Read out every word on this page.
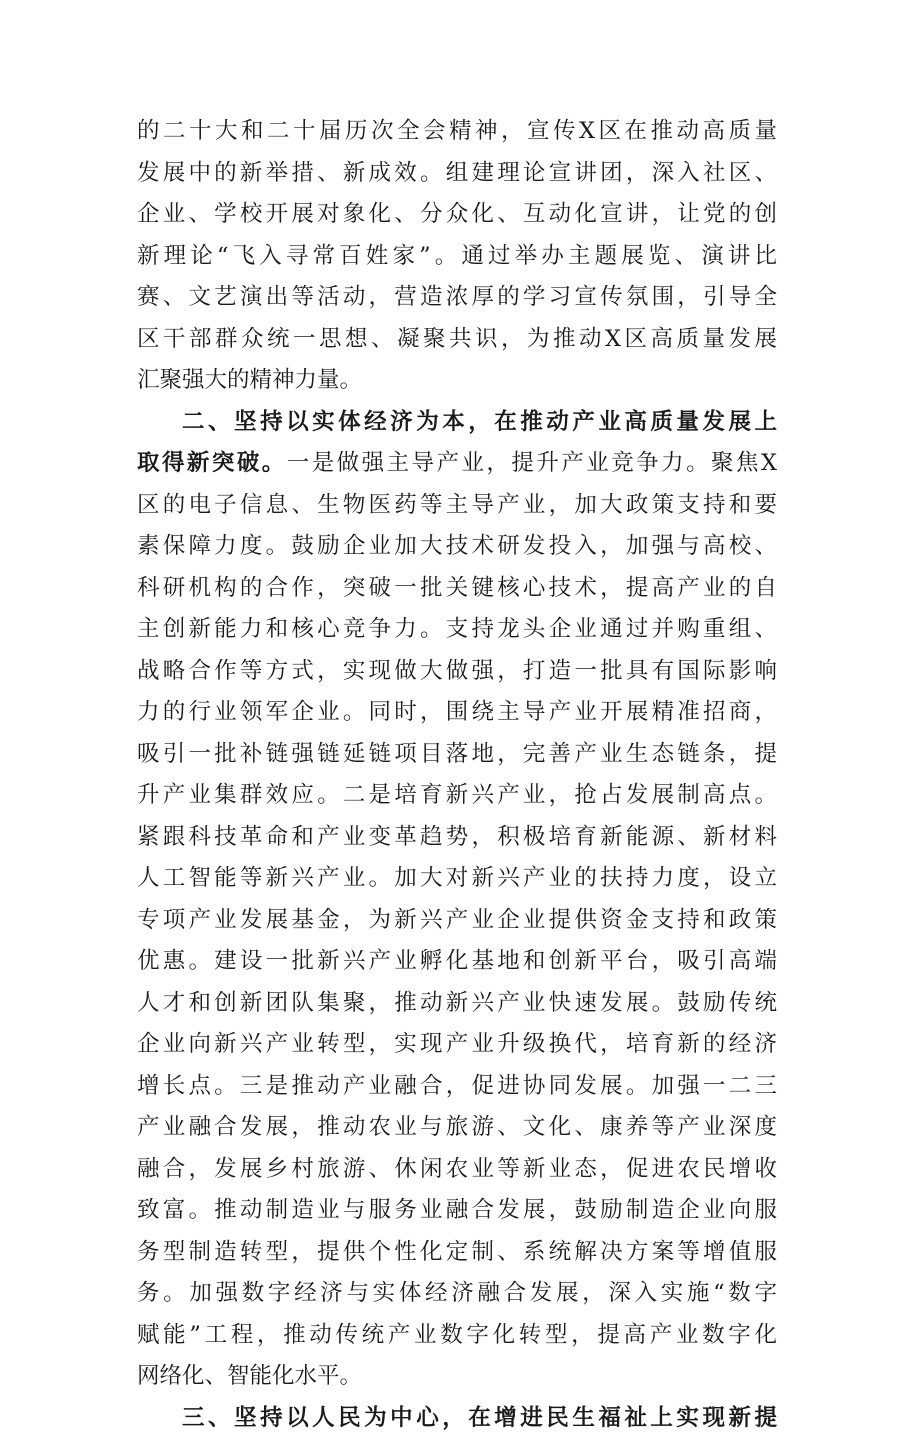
的二十大和二十届历次全会精神，宣传X区在推动高质量
发展中的新举措、新成效。组建理论宣讲团，深入社区、
企业、学校开展对象化、分众化、互动化宣讲，让党的创
新理论“飞入寻常百姓家”。通过举办主题展览、演讲比
赛、文艺演出等活动，营造浓厚的学习宣传氛围，引导全
区干部群众统一思想、凝聚共识，为推动X区高质量发展
汇聚强大的精神力量。
二、坚持以实体经济为本，在推动产业高质量发展上
取得新突破。一是做强主导产业，提升产业竞争力。聚焦X
区的电子信息、生物医药等主导产业，加大政策支持和要
素保障力度。鼓励企业加大技术研发投入，加强与高校、
科研机构的合作，突破一批关键核心技术，提高产业的自
主创新能力和核心竞争力。支持龙头企业通过并购重组、
战略合作等方式，实现做大做强，打造一批具有国际影响
力的行业领军企业。同时，围绕主导产业开展精准招商，
吸引一批补链强链延链项目落地，完善产业生态链条，提
升产业集群效应。二是培育新兴产业，抢占发展制高点。
紧跟科技革命和产业变革趋势，积极培育新能源、新材料
人工智能等新兴产业。加大对新兴产业的扶持力度，设立
专项产业发展基金，为新兴产业企业提供资金支持和政策
优惠。建设一批新兴产业孵化基地和创新平台，吸引高端
人才和创新团队集聚，推动新兴产业快速发展。鼓励传统
企业向新兴产业转型，实现产业升级换代，培育新的经济
增长点。三是推动产业融合，促进协同发展。加强一二三
产业融合发展，推动农业与旅游、文化、康养等产业深度
融合，发展乡村旅游、休闲农业等新业态，促进农民增收
致富。推动制造业与服务业融合发展，鼓励制造企业向服
务型制造转型，提供个性化定制、系统解决方案等增值服
务。加强数字经济与实体经济融合发展，深入实施“数字
赋能”工程，推动传统产业数字化转型，提高产业数字化
网络化、智能化水平。
三、坚持以人民为中心，在增进民生福祉上实现新提
